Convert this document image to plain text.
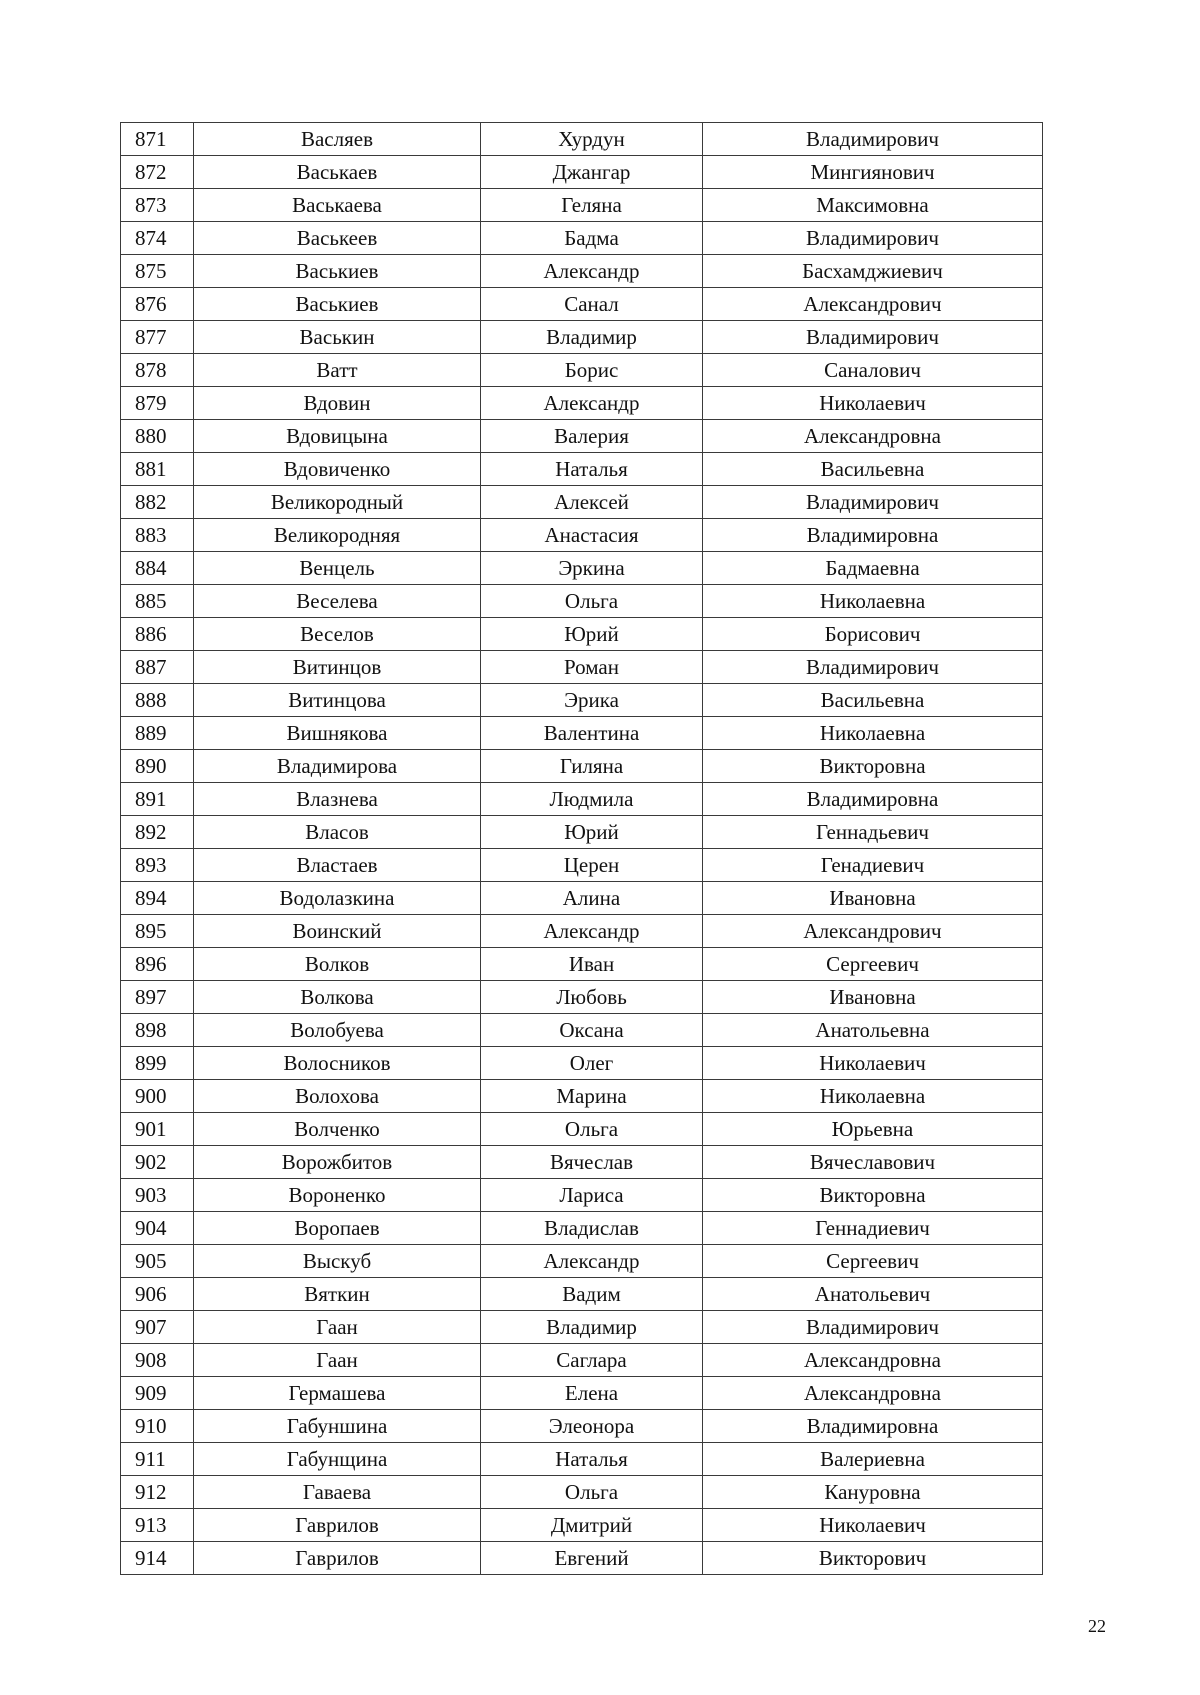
871	Васляев	Хурдун	Владимирович
872	Васькаев	Джангар	Мингиянович
873	Васькаева	Геляна	Максимовна
874	Васькеев	Бадма	Владимирович
875	Васькиев	Александр	Басхамджиевич
876	Васькиев	Санал	Александрович
877	Васькин	Владимир	Владимирович
878	Ватт	Борис	Саналович
879	Вдовин	Александр	Николаевич
880	Вдовицына	Валерия	Александровна
881	Вдовиченко	Наталья	Васильевна
882	Великородный	Алексей	Владимирович
883	Великородняя	Анастасия	Владимировна
884	Венцель	Эркина	Бадмаевна
885	Веселева	Ольга	Николаевна
886	Веселов	Юрий	Борисович
887	Витинцов	Роман	Владимирович
888	Витинцова	Эрика	Васильевна
889	Вишнякова	Валентина	Николаевна
890	Владимирова	Гиляна	Викторовна
891	Влазнева	Людмила	Владимировна
892	Власов	Юрий	Геннадьевич
893	Властаев	Церен	Генадиевич
894	Водолазкина	Алина	Ивановна
895	Воинский	Александр	Александрович
896	Волков	Иван	Сергеевич
897	Волкова	Любовь	Ивановна
898	Волобуева	Оксана	Анатольевна
899	Волосников	Олег	Николаевич
900	Волохова	Марина	Николаевна
901	Волченко	Ольга	Юрьевна
902	Ворожбитов	Вячеслав	Вячеславович
903	Вороненко	Лариса	Викторовна
904	Воропаев	Владислав	Геннадиевич
905	Выскуб	Александр	Сергеевич
906	Вяткин	Вадим	Анатольевич
907	Гаан	Владимир	Владимирович
908	Гаан	Саглара	Александровна
909	Гермашева	Елена	Александровна
910	Габуншина	Элеонора	Владимировна
911	Габунщина	Наталья	Валериевна
912	Гаваева	Ольга	Кануровна
913	Гаврилов	Дмитрий	Николаевич
914	Гаврилов	Евгений	Викторович
22
